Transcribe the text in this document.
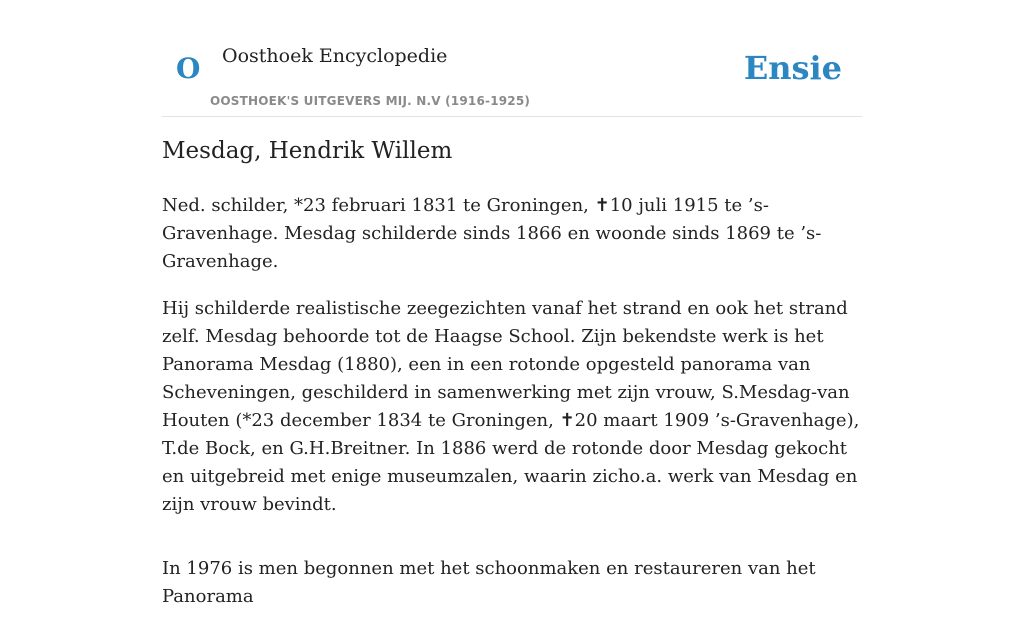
O Oosthoek Encyclopedie
OOSTHOEK'S UITGEVERS MIJ. N.V (1916-1925)
Ensie
Mesdag, Hendrik Willem

Ned. schilder, *23 februari 1831 te Groningen, ✝10 juli 1915 te ’s-Gravenhage. Mesdag schilderde sinds 1866 en woonde sinds 1869 te ’s-Gravenhage.

Hij schilderde realistische zeegezichten vanaf het strand en ook het strand zelf. Mesdag behoorde tot de Haagse School. Zijn bekendste werk is het Panorama Mesdag (1880), een in een rotonde opgesteld panorama van Scheveningen, geschilderd in samenwerking met zijn vrouw, S.Mesdag-van Houten (*23 december 1834 te Groningen, ✝20 maart 1909 ’s-Gravenhage), T.de Bock, en G.H.Breitner. In 1886 werd de rotonde door Mesdag gekocht en uitgebreid met enige museumzalen, waarin zicho.a. werk van Mesdag en zijn vrouw bevindt.

In 1976 is men begonnen met het schoonmaken en restaureren van het Panorama
